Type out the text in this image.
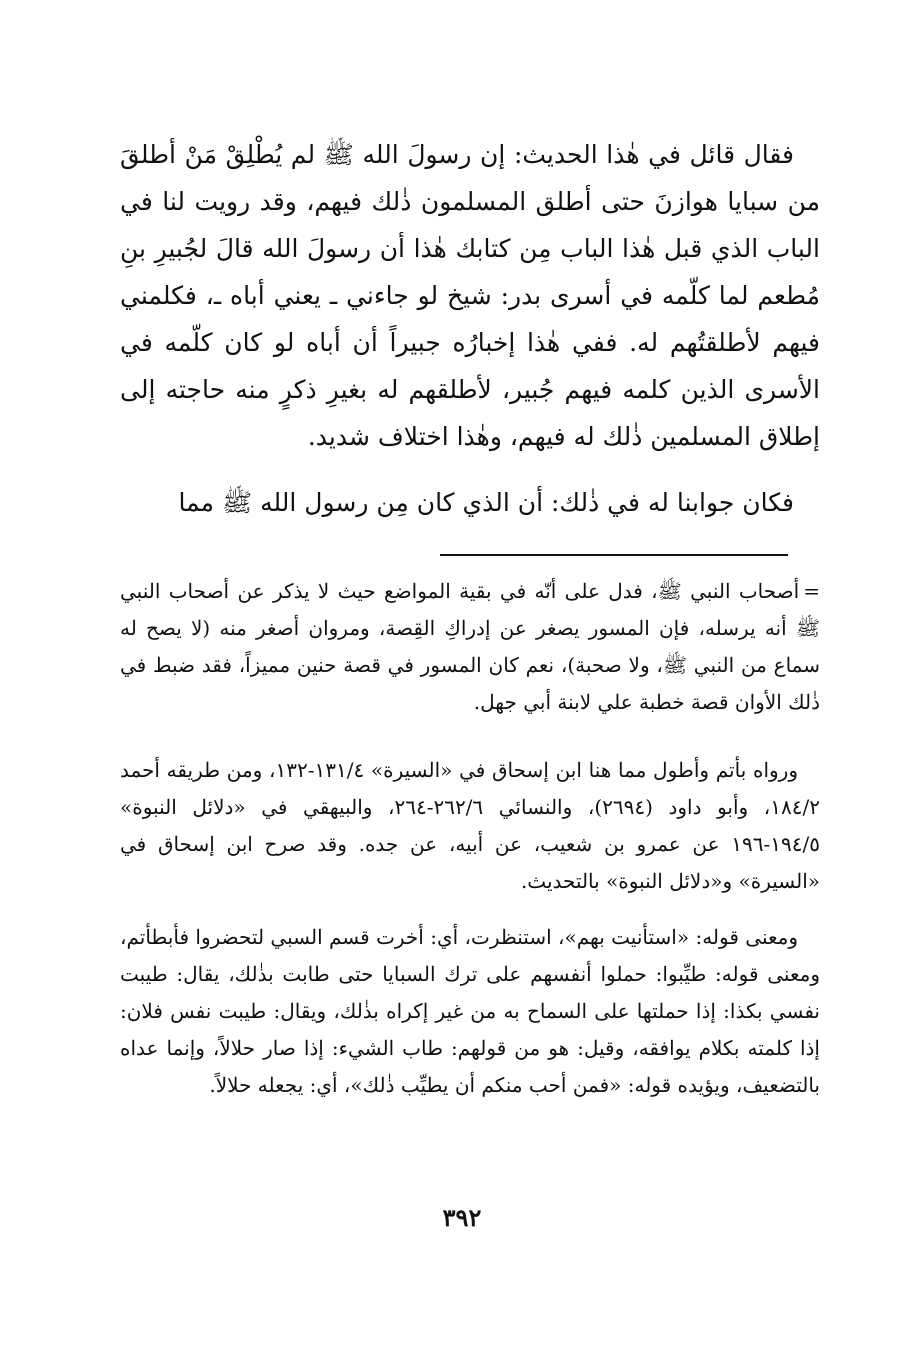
فقال قائل في هٰذا الحديث: إن رسولَ الله ﷺ لم يُطْلِقْ مَنْ أطلقَ من سبايا هوازنَ حتى أطلق المسلمون ذٰلك فيهم، وقد رويت لنا في الباب الذي قبل هٰذا الباب مِن كتابك هٰذا أن رسولَ الله قالَ لجُبيرِ بنِ مُطعم لما كلّمه في أسرى بدر: شيخ لو جاءني ـ يعني أباه ـ، فكلمني فيهم لأطلقتُهم له. ففي هٰذا إخبارُه جبيراً أن أباه لو كان كلّمه في الأسرى الذين كلمه فيهم جُبير، لأطلقهم له بغيرِ ذكرٍ منه حاجته إلى إطلاق المسلمين ذٰلك له فيهم، وهٰذا اختلاف شديد.

فكان جوابنا له في ذٰلك: أن الذي كان مِن رسول الله ﷺ مما

=أصحاب النبي ﷺ، فدل على أنّه في بقية المواضع حيث لا يذكر عن أصحاب النبي ﷺ أنه يرسله، فإن المسور يصغر عن إدراكِ القِصة، ومروان أصغر منه (لا يصح له سماع من النبي ﷺ، ولا صحبة)، نعم كان المسور في قصة حنين مميزاً، فقد ضبط في ذٰلك الأوان قصة خطبة علي لابنة أبي جهل.

ورواه بأتم وأطول مما هنا ابن إسحاق في «السيرة» ١٣١/٤-١٣٢، ومن طريقه أحمد ١٨٤/٢، وأبو داود (٢٦٩٤)، والنسائي ٢٦٢/٦-٢٦٤، والبيهقي في «دلائل النبوة» ١٩٤/٥-١٩٦ عن عمرو بن شعيب، عن أبيه، عن جده. وقد صرح ابن إسحاق في «السيرة» و«دلائل النبوة» بالتحديث.

ومعنى قوله: «استأنيت بهم»، استنظرت، أي: أخرت قسم السبي لتحضروا فأبطأتم، ومعنى قوله: طيِّبوا: حملوا أنفسهم على ترك السبايا حتى طابت بذٰلك، يقال: طيبت نفسي بكذا: إذا حملتها على السماح به من غير إكراه بذٰلك، ويقال: طيبت نفس فلان: إذا كلمته بكلام يوافقه، وقيل: هو من قولهم: طاب الشيء: إذا صار حلالاً، وإنما عداه بالتضعيف، ويؤيده قوله: «فمن أحب منكم أن يطيِّب ذٰلك»، أي: يجعله حلالاً.

٣٩٢
